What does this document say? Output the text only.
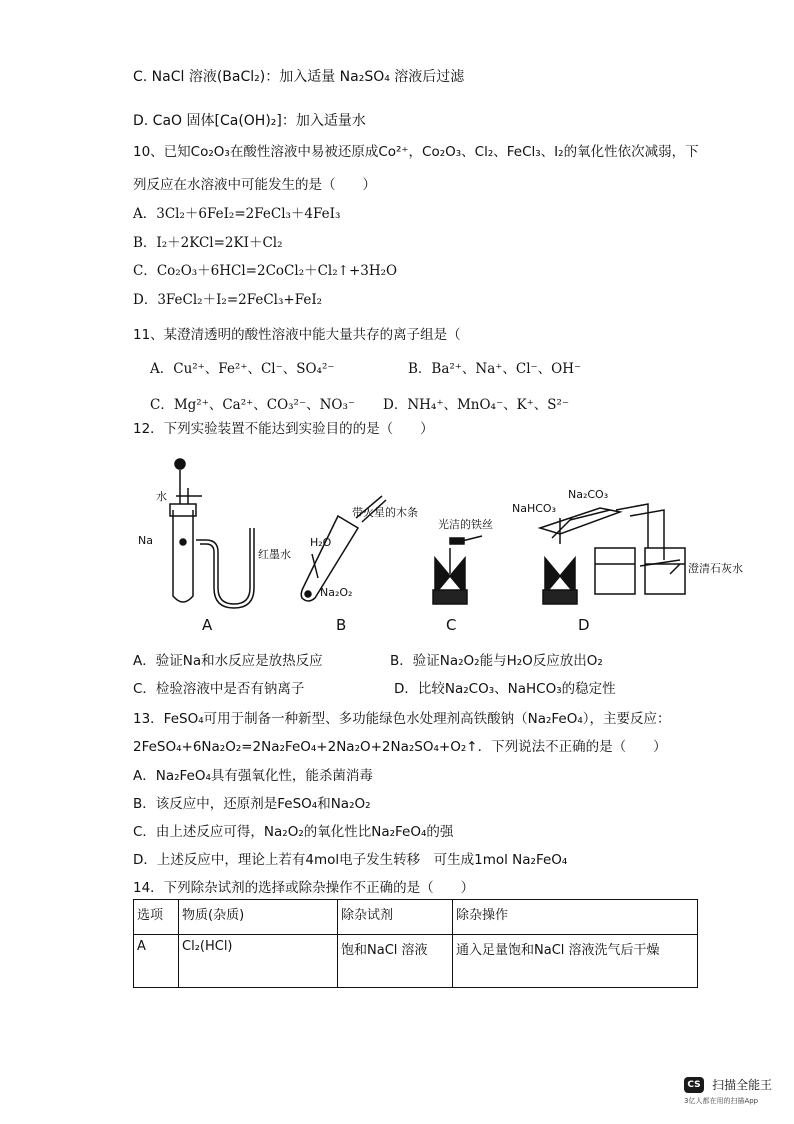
C. NaCl 溶液(BaCl₂)：加入适量 Na₂SO₄ 溶液后过滤
D. CaO 固体[Ca(OH)₂]：加入适量水
10、已知Co₂O₃在酸性溶液中易被还原成Co²⁺，Co₂O₃、Cl₂、FeCl₃、I₂的氧化性依次减弱，下
列反应在水溶液中可能发生的是（　　）
A．3Cl₂＋6FeI₂=2FeCl₃＋4FeI₃
B．I₂＋2KCl=2KI＋Cl₂
C．Co₂O₃＋6HCl=2CoCl₂＋Cl₂↑+3H₂O
D．3FeCl₂＋I₂=2FeCl₃+FeI₂
11、某澄清透明的酸性溶液中能大量共存的离子组是（
A．Cu²⁺、Fe²⁺、Cl⁻、SO₄²⁻	B．Ba²⁺、Na⁺、Cl⁻、OH⁻
C．Mg²⁺、Ca²⁺、CO₃²⁻、NO₃⁻ D．NH₄⁺、MnO₄⁻、K⁺、S²⁻
12．下列实验装置不能达到实验目的的是（　　）
水
Na
红墨水
H₂O
带火星的木条
Na₂O₂
光洁的铁丝
NaHCO₃
Na₂CO₃
澄清石灰水
A	B	C	D
A．验证Na和水反应是放热反应	B．验证Na₂O₂能与H₂O反应放出O₂
C．检验溶液中是否有钠离子	D．比较Na₂CO₃、NaHCO₃的稳定性
13．FeSO₄可用于制备一种新型、多功能绿色水处理剂高铁酸钠（Na₂FeO₄），主要反应：
2FeSO₄+6Na₂O₂=2Na₂FeO₄+2Na₂O+2Na₂SO₄+O₂↑．下列说法不正确的是（　　）
A．Na₂FeO₄具有强氧化性，能杀菌消毒
B．该反应中，还原剂是FeSO₄和Na₂O₂
C．由上述反应可得，Na₂O₂的氧化性比Na₂FeO₄的强
D．上述反应中，理论上若有4mol电子发生转移　可生成1mol Na₂FeO₄
14．下列除杂试剂的选择或除杂操作不正确的是（　　）
选项	物质(杂质)	除杂试剂	除杂操作
A	Cl₂(HCl)	饱和NaCl 溶液	通入足量饱和NaCl 溶液洗气后干燥
CS 扫描全能王
3亿人都在用的扫描App
